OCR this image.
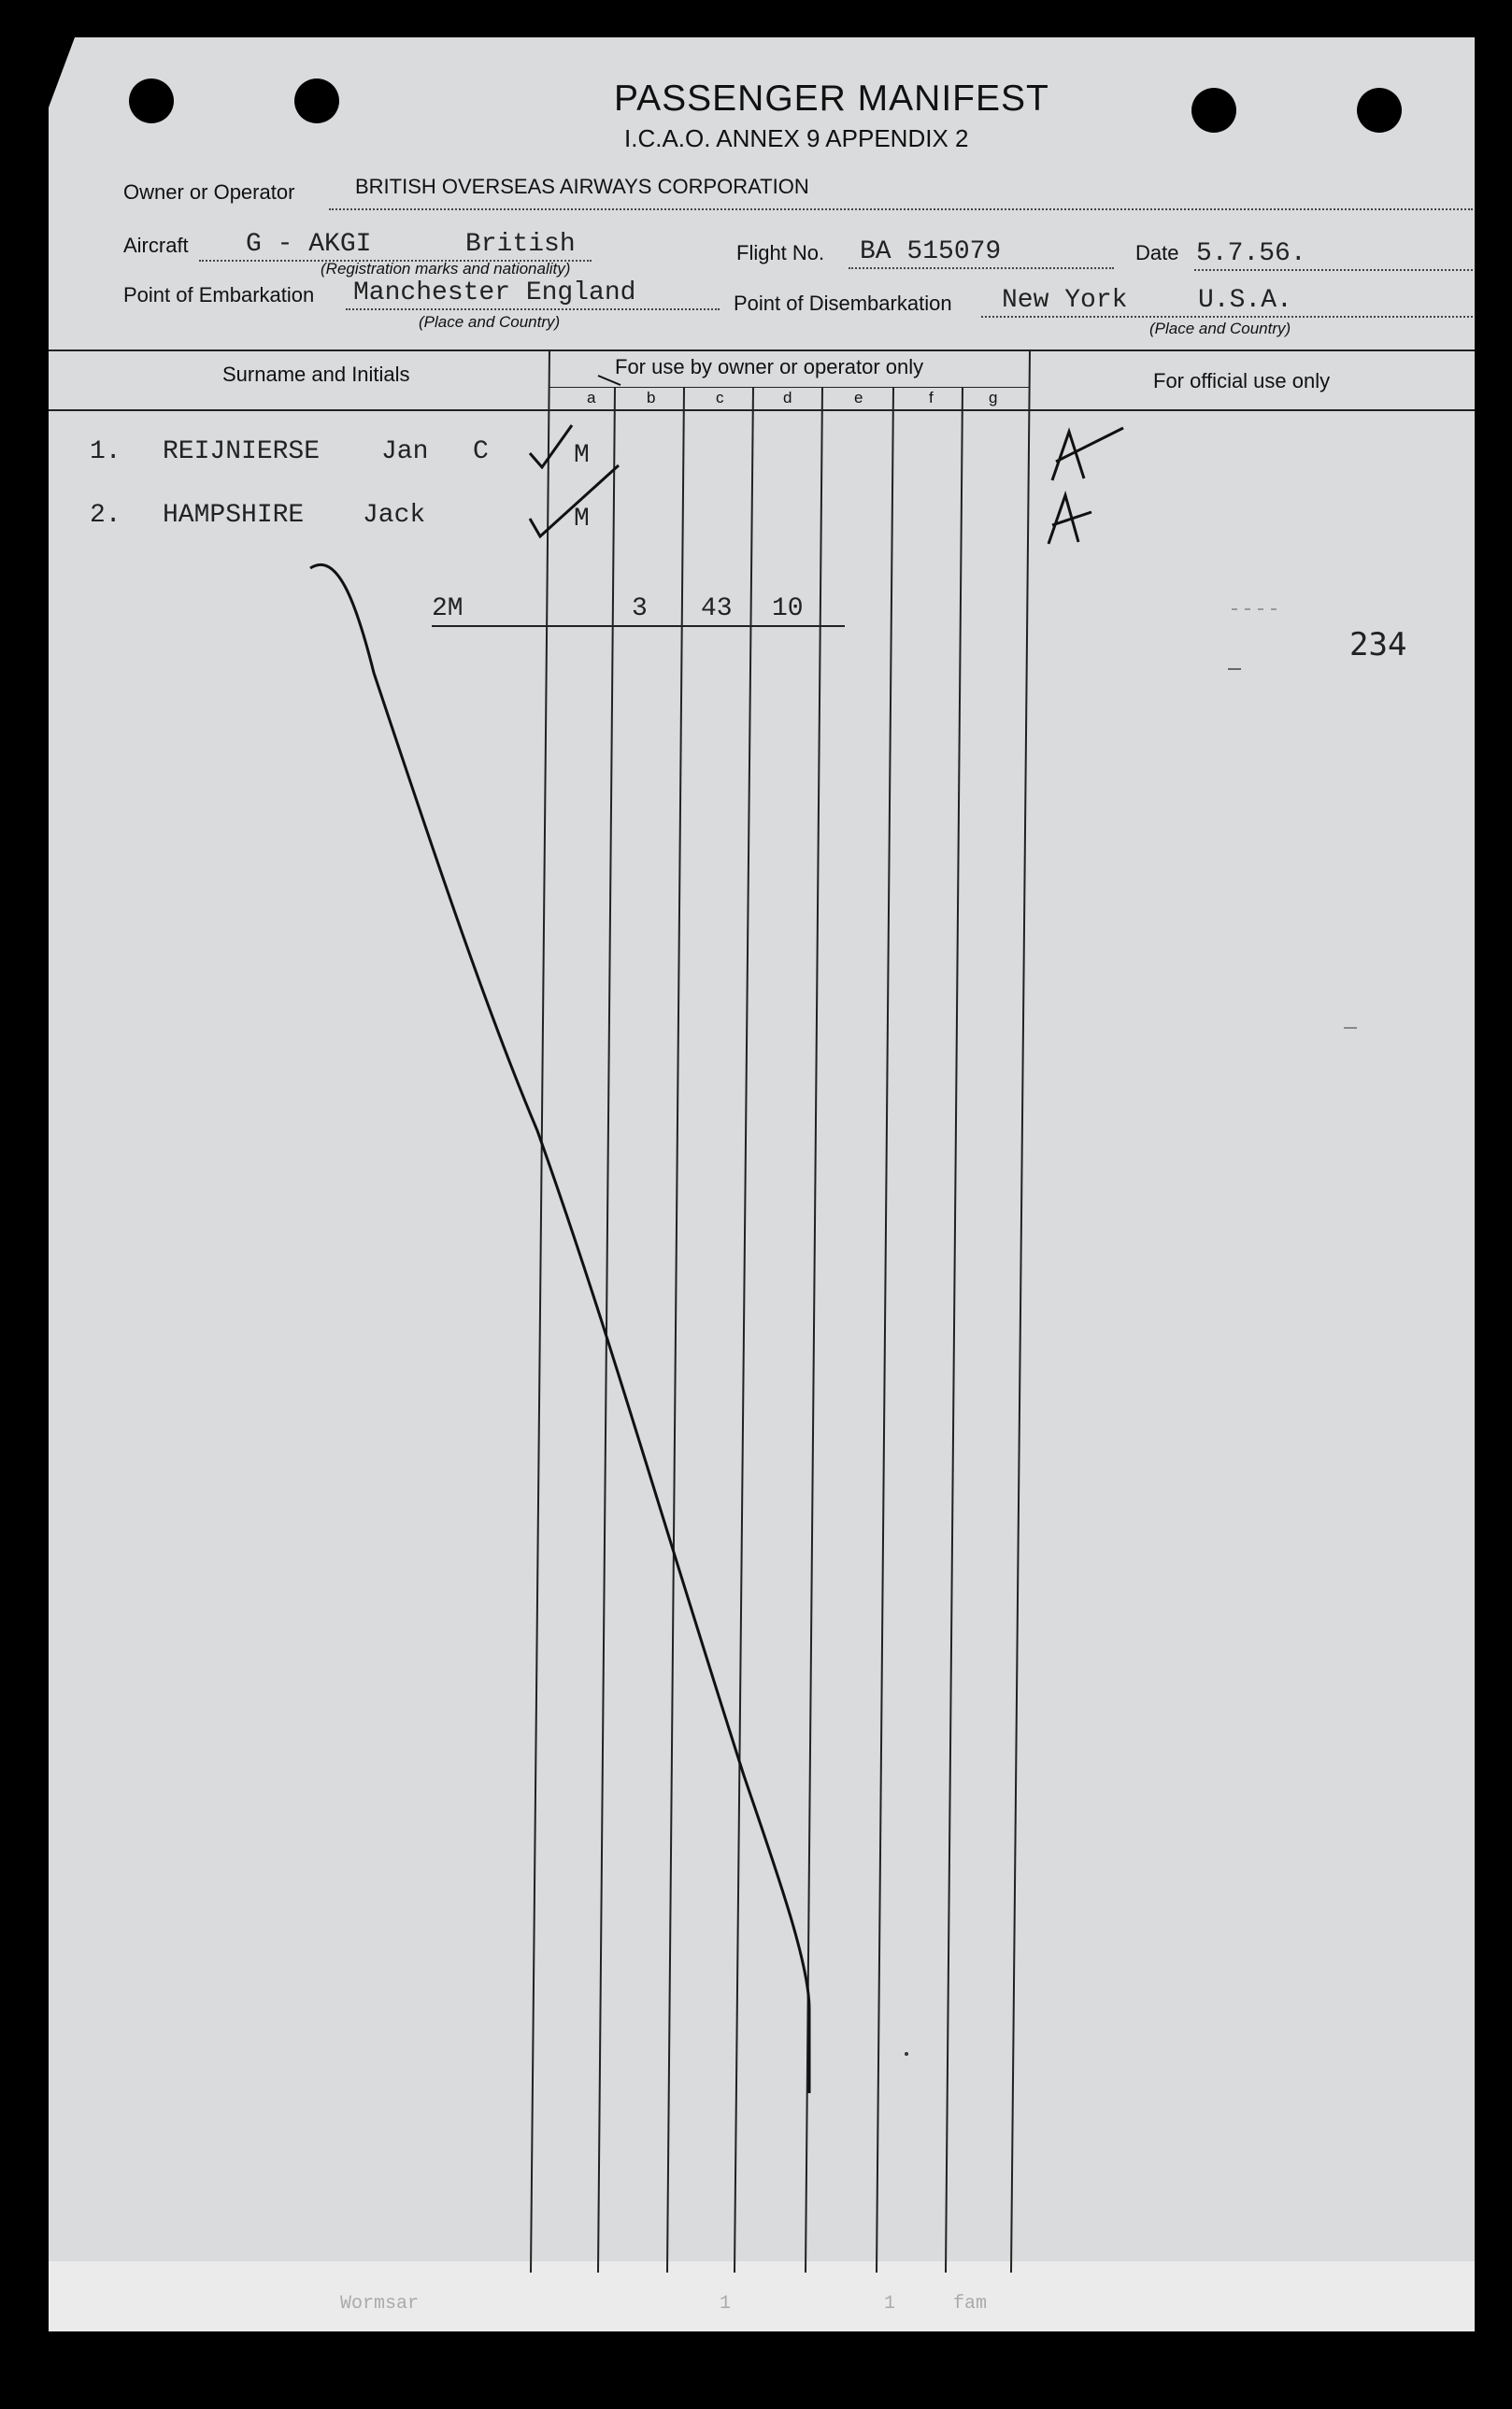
PASSENGER MANIFEST
I.C.A.O. ANNEX 9 APPENDIX 2
Owner or Operator	BRITISH OVERSEAS AIRWAYS CORPORATION
Aircraft G - AKGI	British
(Registration marks and nationality)
Flight No. BA 515079	Date 5.7.56.
Point of Embarkation Manchester England
(Place and Country)
Point of Disembarkation New York	U.S.A.
(Place and Country)
Surname and Initials	For use by owner or operator only
For official use only
a	b	c	d	e	f	g
1. REIJNIERSE Jan C	M
2. HAMPSHIRE Jack	M
2M	3 43 10
234
Wormsar	1	1	fam
